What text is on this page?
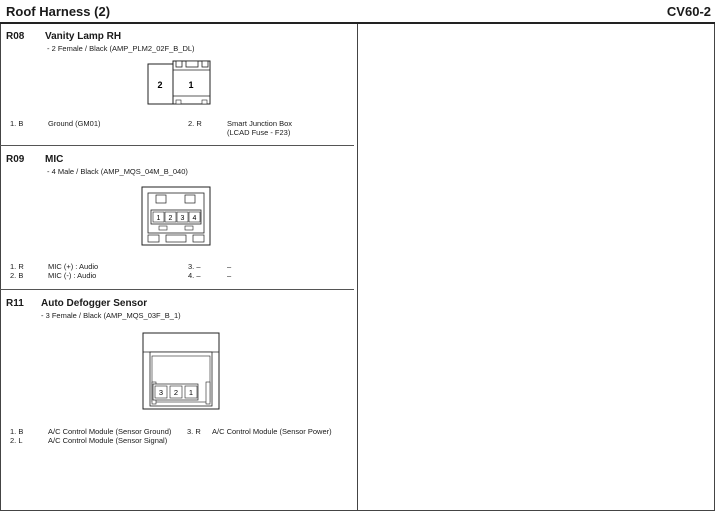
Roof Harness (2)	CV60-2
R08 Vanity Lamp RH
- 2 Female / Black (AMP_PLM2_02F_B_DL)
2	1
1. B	Ground (GM01)	2. R	Smart Junction Box
(LCAD Fuse - F23)
R09 MIC
- 4 Male / Black (AMP_MQS_04M_B_040)
1 2 3 4
1. R	MIC (+) : Audio
2. B	MIC (-) : Audio
3. –	–
4. –	–
R11 Auto Defogger Sensor
- 3 Female / Black (AMP_MQS_03F_B_1)
3 2 1
1. B	A/C Control Module (Sensor Ground)
2. L	A/C Control Module (Sensor Signal)
3. R A/C Control Module (Sensor Power)
